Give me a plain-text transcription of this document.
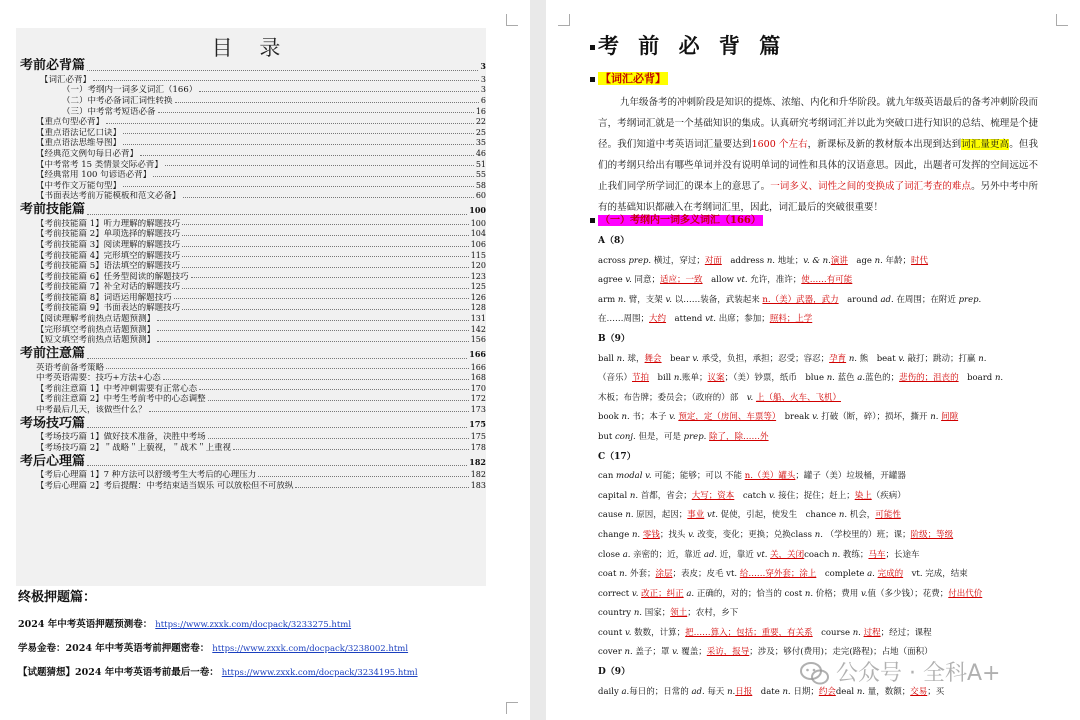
目 录
考前必背篇	3
【词汇必背】	3
（一）考纲内一词多义词汇（166）	3
（二）中考必备词汇词性转换	6
（三）中考常考短语必备	16
【重点句型必背】	22
【重点语法记忆口诀】	25
【重点语法思维导图】	35
【经典范文例句每日必背】	46
【中考常考 15 类情景交际必背】	51
【经典常用 100 句谚语必背】	55
【中考作文万能句型】	58
【书面表达考前万能模板和范文必备】	60
考前技能篇	100
【考前技能篇 1】听力理解的解题技巧	100
【考前技能篇 2】单项选择的解题技巧	104
【考前技能篇 3】阅读理解的解题技巧	106
【考前技能篇 4】完形填空的解题技巧	115
【考前技能篇 5】语法填空的解题技巧	120
【考前技能篇 6】任务型阅读的解题技巧	123
【考前技能篇 7】补全对话的解题技巧	125
【考前技能篇 8】词语运用解题技巧	126
【考前技能篇 9】书面表达的解题技巧	128
【阅读理解考前热点话题预测】	131
【完形填空考前热点话题预测】	142
【短文填空考前热点话题预测】	156
考前注意篇	166
英语考前备考策略	166
中考英语需要：技巧+方法+心态	168
【考前注意篇 1】中考冲刺需要有正常心态	170
【考前注意篇 2】中考生考前考中的心态调整	172
中考最后几天，该做些什么？	173
考场技巧篇	175
【考场技巧篇 1】做好技术准备，决胜中考场	175
【考场技巧篇 2】＂战略＂上藐视，＂战术＂上重视	178
考后心理篇	182
【考后心理篇 1】7 种方法可以舒缓考生大考后的心理压力	182
【考后心理篇 2】考后提醒：中考结束适当娱乐 可以放松但不可放纵	183
终极押题篇：
2024 年中考英语押题预测卷： https://www.zxxk.com/docpack/3233275.html
学易金卷：2024 年中考英语考前押题密卷： https://www.zxxk.com/docpack/3238002.html
【试题猜想】2024 年中考英语考前最后一卷： https://www.zxxk.com/docpack/3234195.html
考 前 必 背 篇
【词汇必背】
九年级备考的冲刺阶段是知识的提炼、浓缩、内化和升华阶段。就九年级英语最后的备考冲刺阶段而言，考纲词汇就是一个基础知识的集成。认真研究考纲词汇并以此为突破口进行知识的总结、梳理是个捷径。我们知道中考英语词汇量要达到1600 个左右，新课标及新的教材版本出现到达到词汇量更高。但我们的考纲只给出有哪些单词并没有说明单词的词性和具体的汉语意思。因此，出题者可发挥的空间远远不止我们同学所学词汇的课本上的意思了。一词多义、词性之间的变换成了词汇考查的难点。另外中考中所有的基础知识都融入在考纲词汇里，因此，词汇最后的突破很重要！
（一）考纲内一词多义词汇（166）
A（8）
across prep. 横过，穿过；对面　address n. 地址；v. & n.演讲　age n. 年龄；时代
agree v. 同意；适应；一致　allow vt. 允许，准许；使……有可能
arm n. 臂，支架 v. 以……装备，武装起来 n.（美）武器，武力　around ad. 在周围；在附近 prep.
在……周围；大约　attend vt. 出席；参加；照料；上学
B（9）
ball n. 球，舞会　bear v. 承受，负担，承担；忍受；容忍；孕育 n. 熊　beat v. 敲打；跳动；打赢 n.
（音乐）节拍　bill n.账单；议案；（美）钞票，纸币　blue n. 蓝色 a.蓝色的；悲伤的；沮丧的　board n.
木板；布告牌；委员会；（政府的）部　v. 上（船、火车、飞机）
book n. 书；本子 v. 预定，定（房间、车票等）　break v. 打破（断，碎）；损坏，撕开 n. 间隙
but conj. 但是，可是 prep. 除了，除……外
C（17）
can modal v. 可能；能够；可以 不能 n.（美）罐头；罐子（美）垃圾桶，开罐器
capital n. 首都，省会；大写；资本　catch v. 接住；捉住；赶上；染上（疾病）
cause n. 原因，起因；事业 vt. 促使，引起，使发生　chance n. 机会，可能性
change n. 零钱；找头 v. 改变，变化；更换；兑换class n. （学校里的）班；课；阶级；等级
close a. 亲密的；近，靠近 ad. 近，靠近 vt. 关，关闭coach n. 教练；马车；长途车
coat n. 外套；涂层；表皮；皮毛 vt. 给……穿外套；涂上　complete a. 完成的　vt. 完成，结束
correct v. 改正；纠正 a. 正确的，对的；恰当的 cost n. 价格；费用 v.值（多少钱）；花费；付出代价
country n. 国家；领土；农村，乡下
count v. 数数，计算；把……算入；包括；重要，有关系　course n. 过程；经过；课程
cover n. 盖子；罩 v. 覆盖；采访，报导；涉及；够付(费用)；走完(路程)；占地（面积）
D（9）
daily a.每日的；日常的 ad. 每天 n.日报　date n. 日期；约会deal n. 量，数额；交易；买
公众号 · 全科A+
